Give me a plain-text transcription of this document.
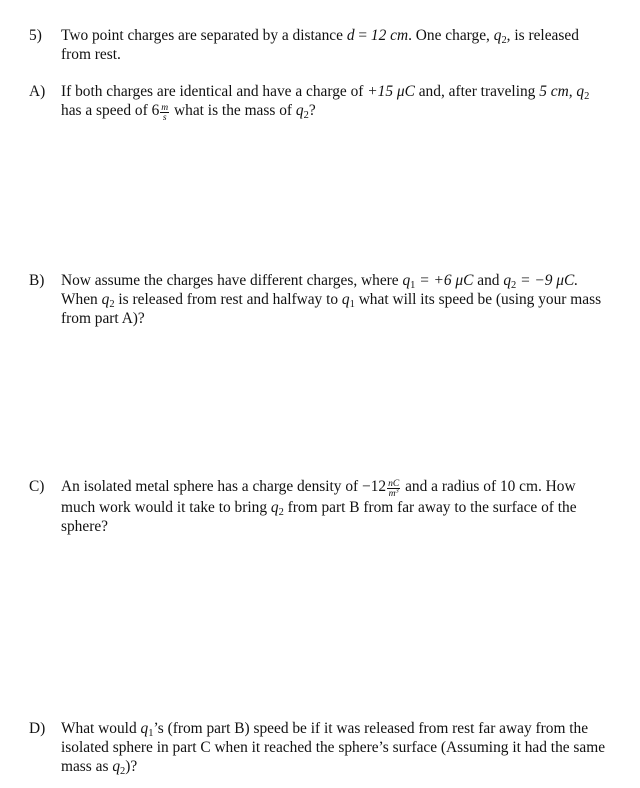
5)	Two point charges are separated by a distance d = 12 cm. One charge, $q_2$, is released
from rest.
A)	If both charges are identical and have a charge of +15 μC and, after traveling 5 cm, $q_2$
has a speed of $6 \frac{m}{s}$ what is the mass of $q_2$?
B)	Now assume the charges have different charges, where $q_1 = +6$ μC and $q_2 = -9$ μC.
When $q_2$ is released from rest and halfway to $q_1$ what will its speed be (using your mass
from part A)?
C)	An isolated metal sphere has a charge density of $-12 \frac{nC}{m^3}$ and a radius of 10 cm. How
much work would it take to bring $q_2$ from part B from far away to the surface of the
sphere?
D)	What would $q_1’s$ (from part B) speed be if it was released from rest far away from the
isolated sphere in part C when it reached the sphere’s surface (Assuming it had the same
mass as $q_2$)?
